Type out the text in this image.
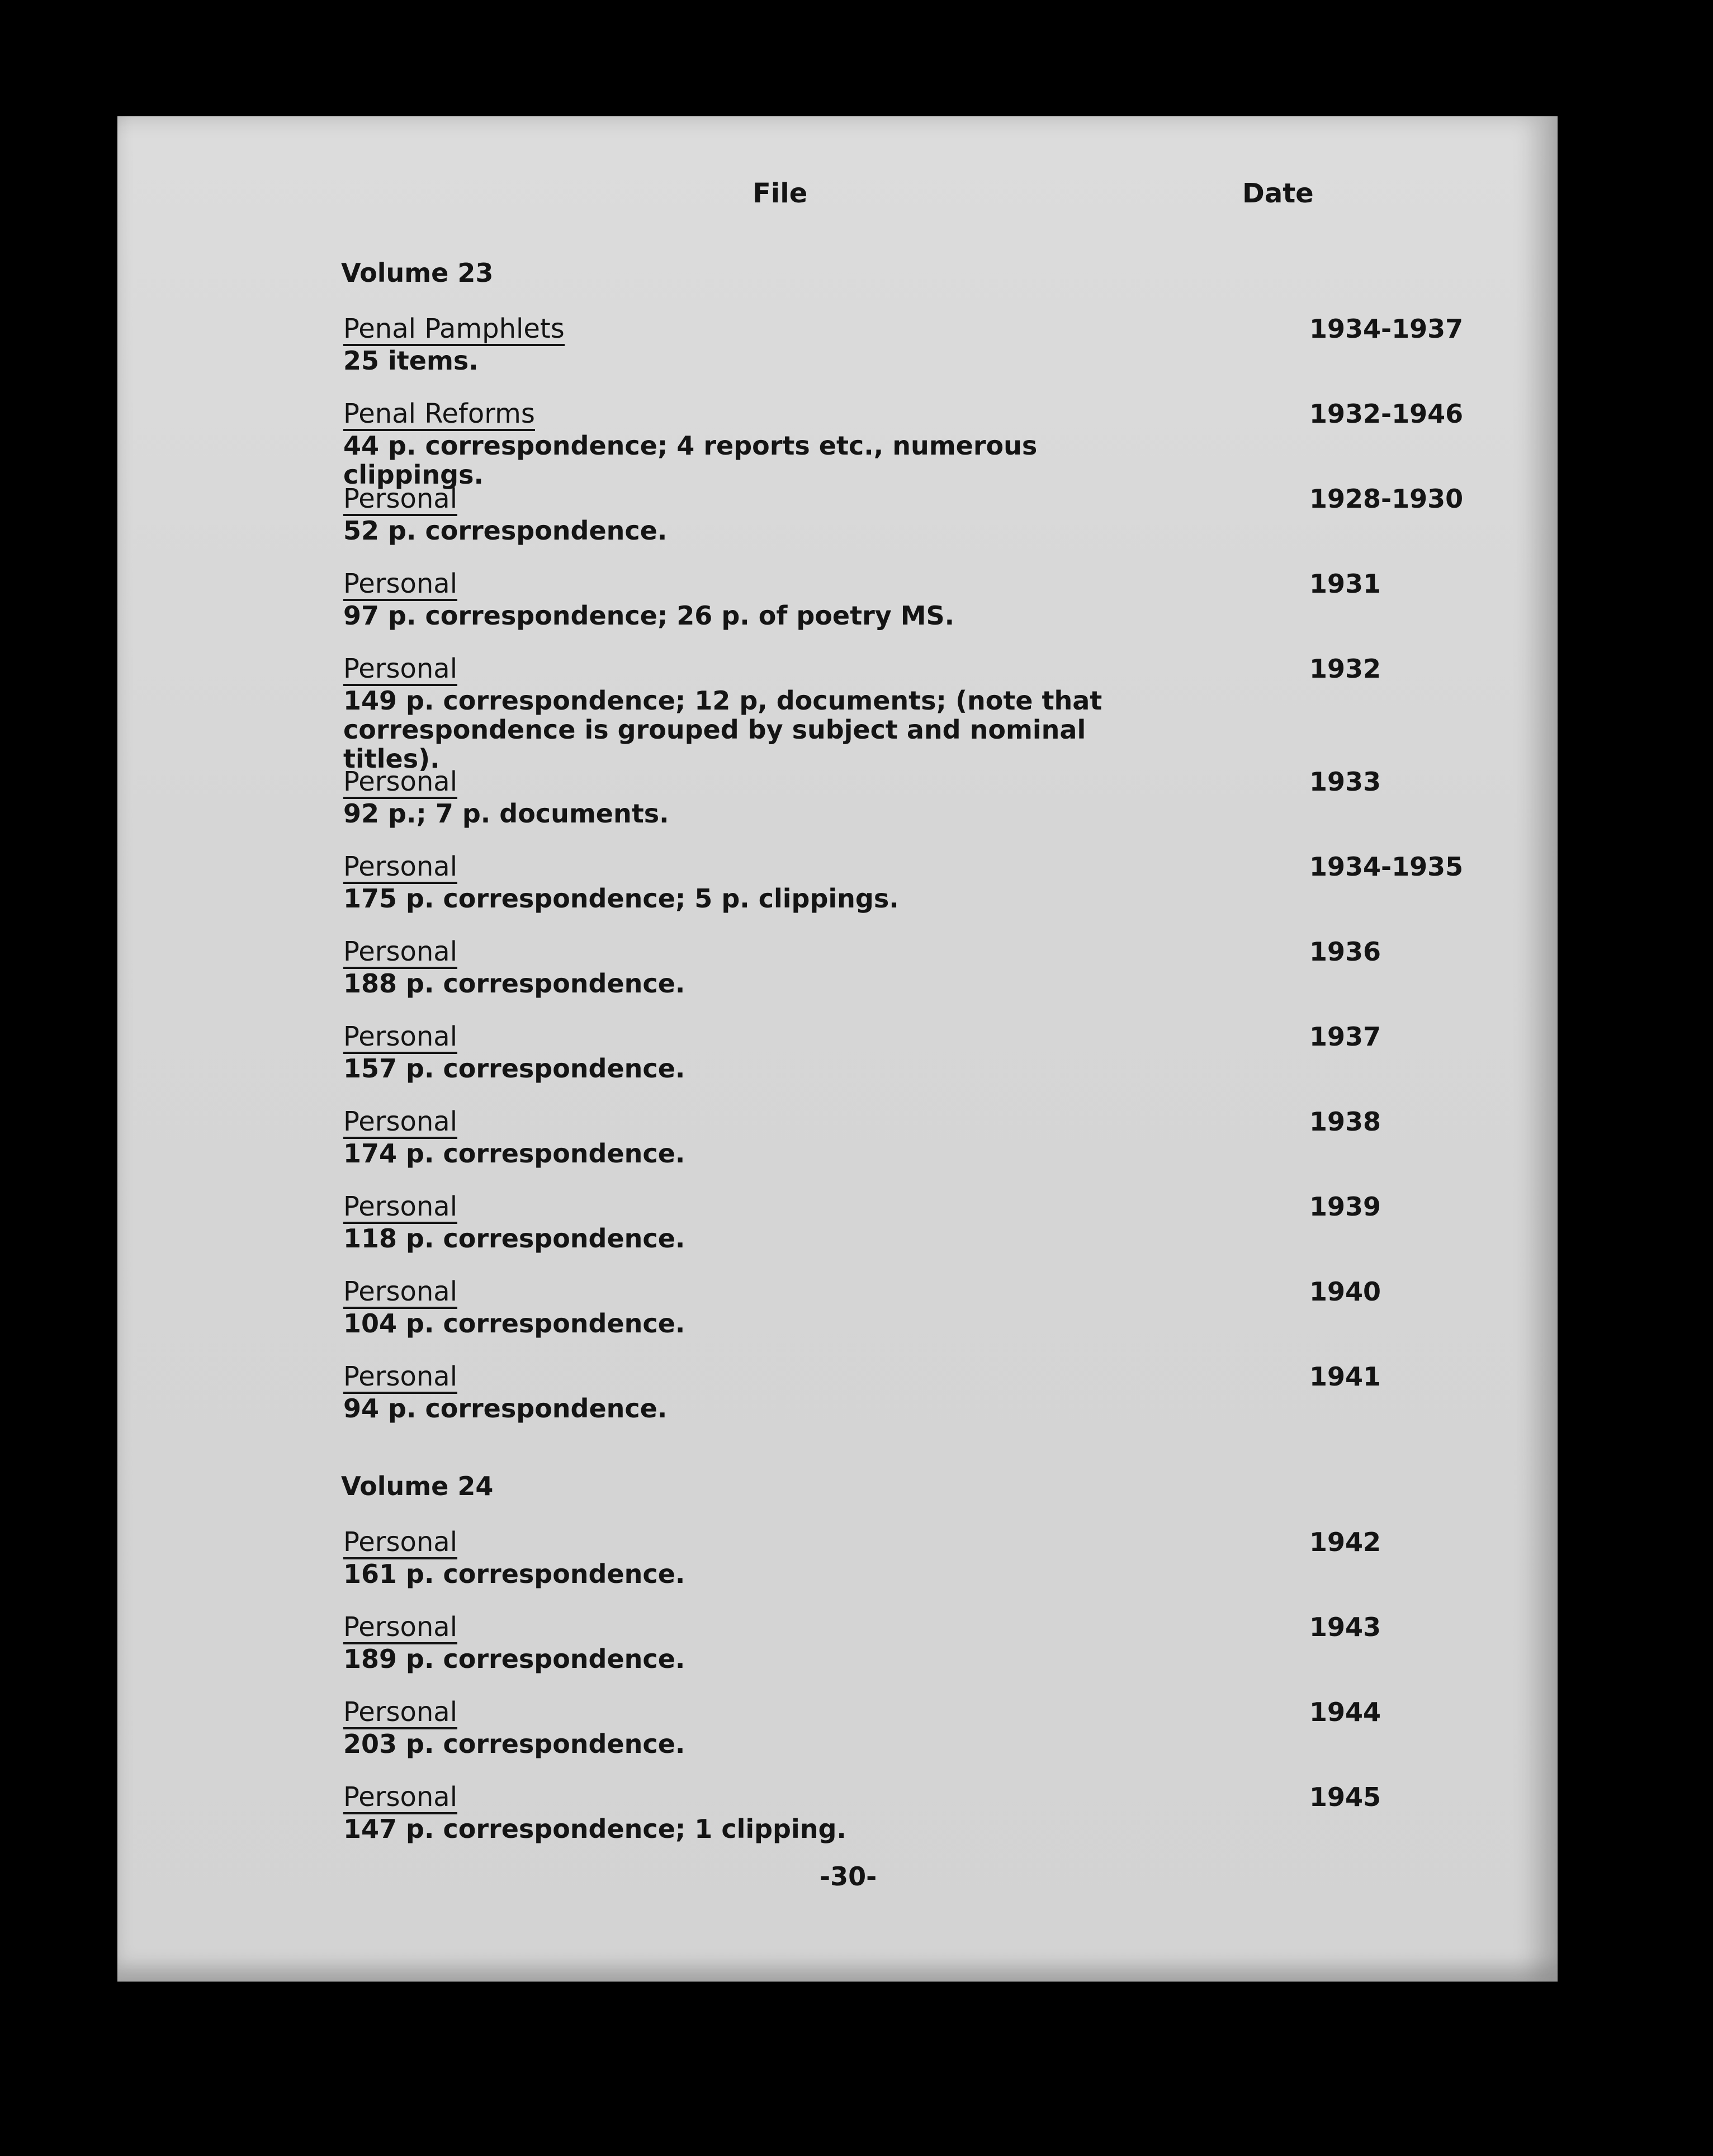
File	Date
Volume 23
Penal Pamphlets
25 items.
1934-1937
Penal Reforms
44 p. correspondence; 4 reports etc., numerous clippings.
1932-1946
Personal
52 p. correspondence.
1928-1930
Personal
97 p. correspondence; 26 p. of poetry MS.
1931
Personal
149 p. correspondence; 12 p, documents; (note that
correspondence is grouped by subject and nominal titles).
1932
Personal
92 p.; 7 p. documents.
1933
Personal
175 p. correspondence; 5 p. clippings.
1934-1935
Personal
188 p. correspondence.
1936
Personal
157 p. correspondence.
1937
Personal
174 p. correspondence.
1938
Personal
118 p. correspondence.
1939
Personal
104 p. correspondence.
1940
Personal
94 p. correspondence.
1941
Volume 24
Personal
161 p. correspondence.
1942
Personal
189 p. correspondence.
1943
Personal
203 p. correspondence.
1944
Personal
147 p. correspondence; 1 clipping.
1945
-30-
